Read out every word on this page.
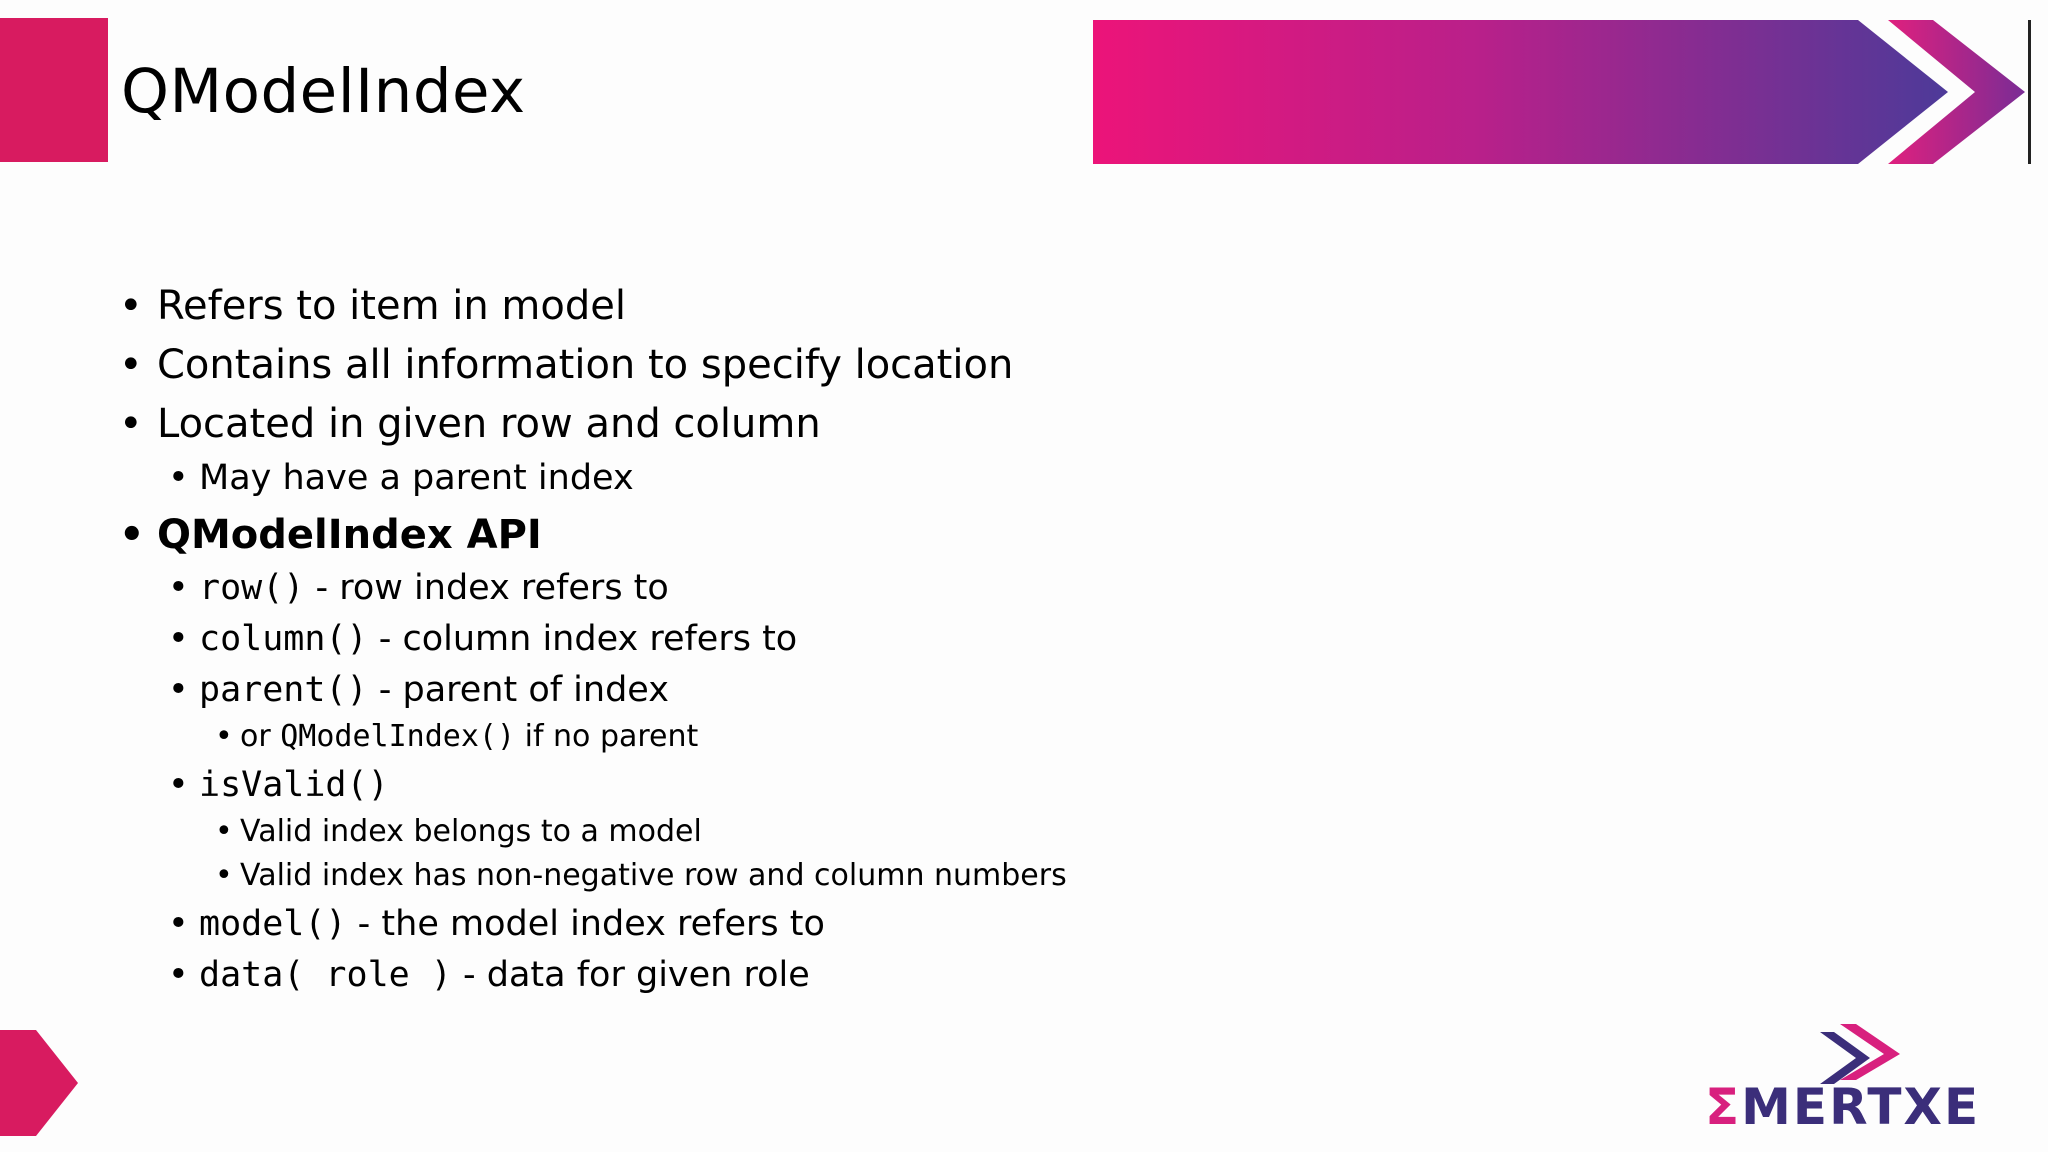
QModelIndex
• Refers to item in model
• Contains all information to specify location
• Located in given row and column
• May have a parent index
• QModelIndex API
• row() - row index refers to
• column() - column index refers to
• parent() - parent of index
• or QModelIndex() if no parent
• isValid()
• Valid index belongs to a model
• Valid index has non-negative row and column numbers
• model() - the model index refers to
• data( role ) - data for given role
ΣMERTXE
